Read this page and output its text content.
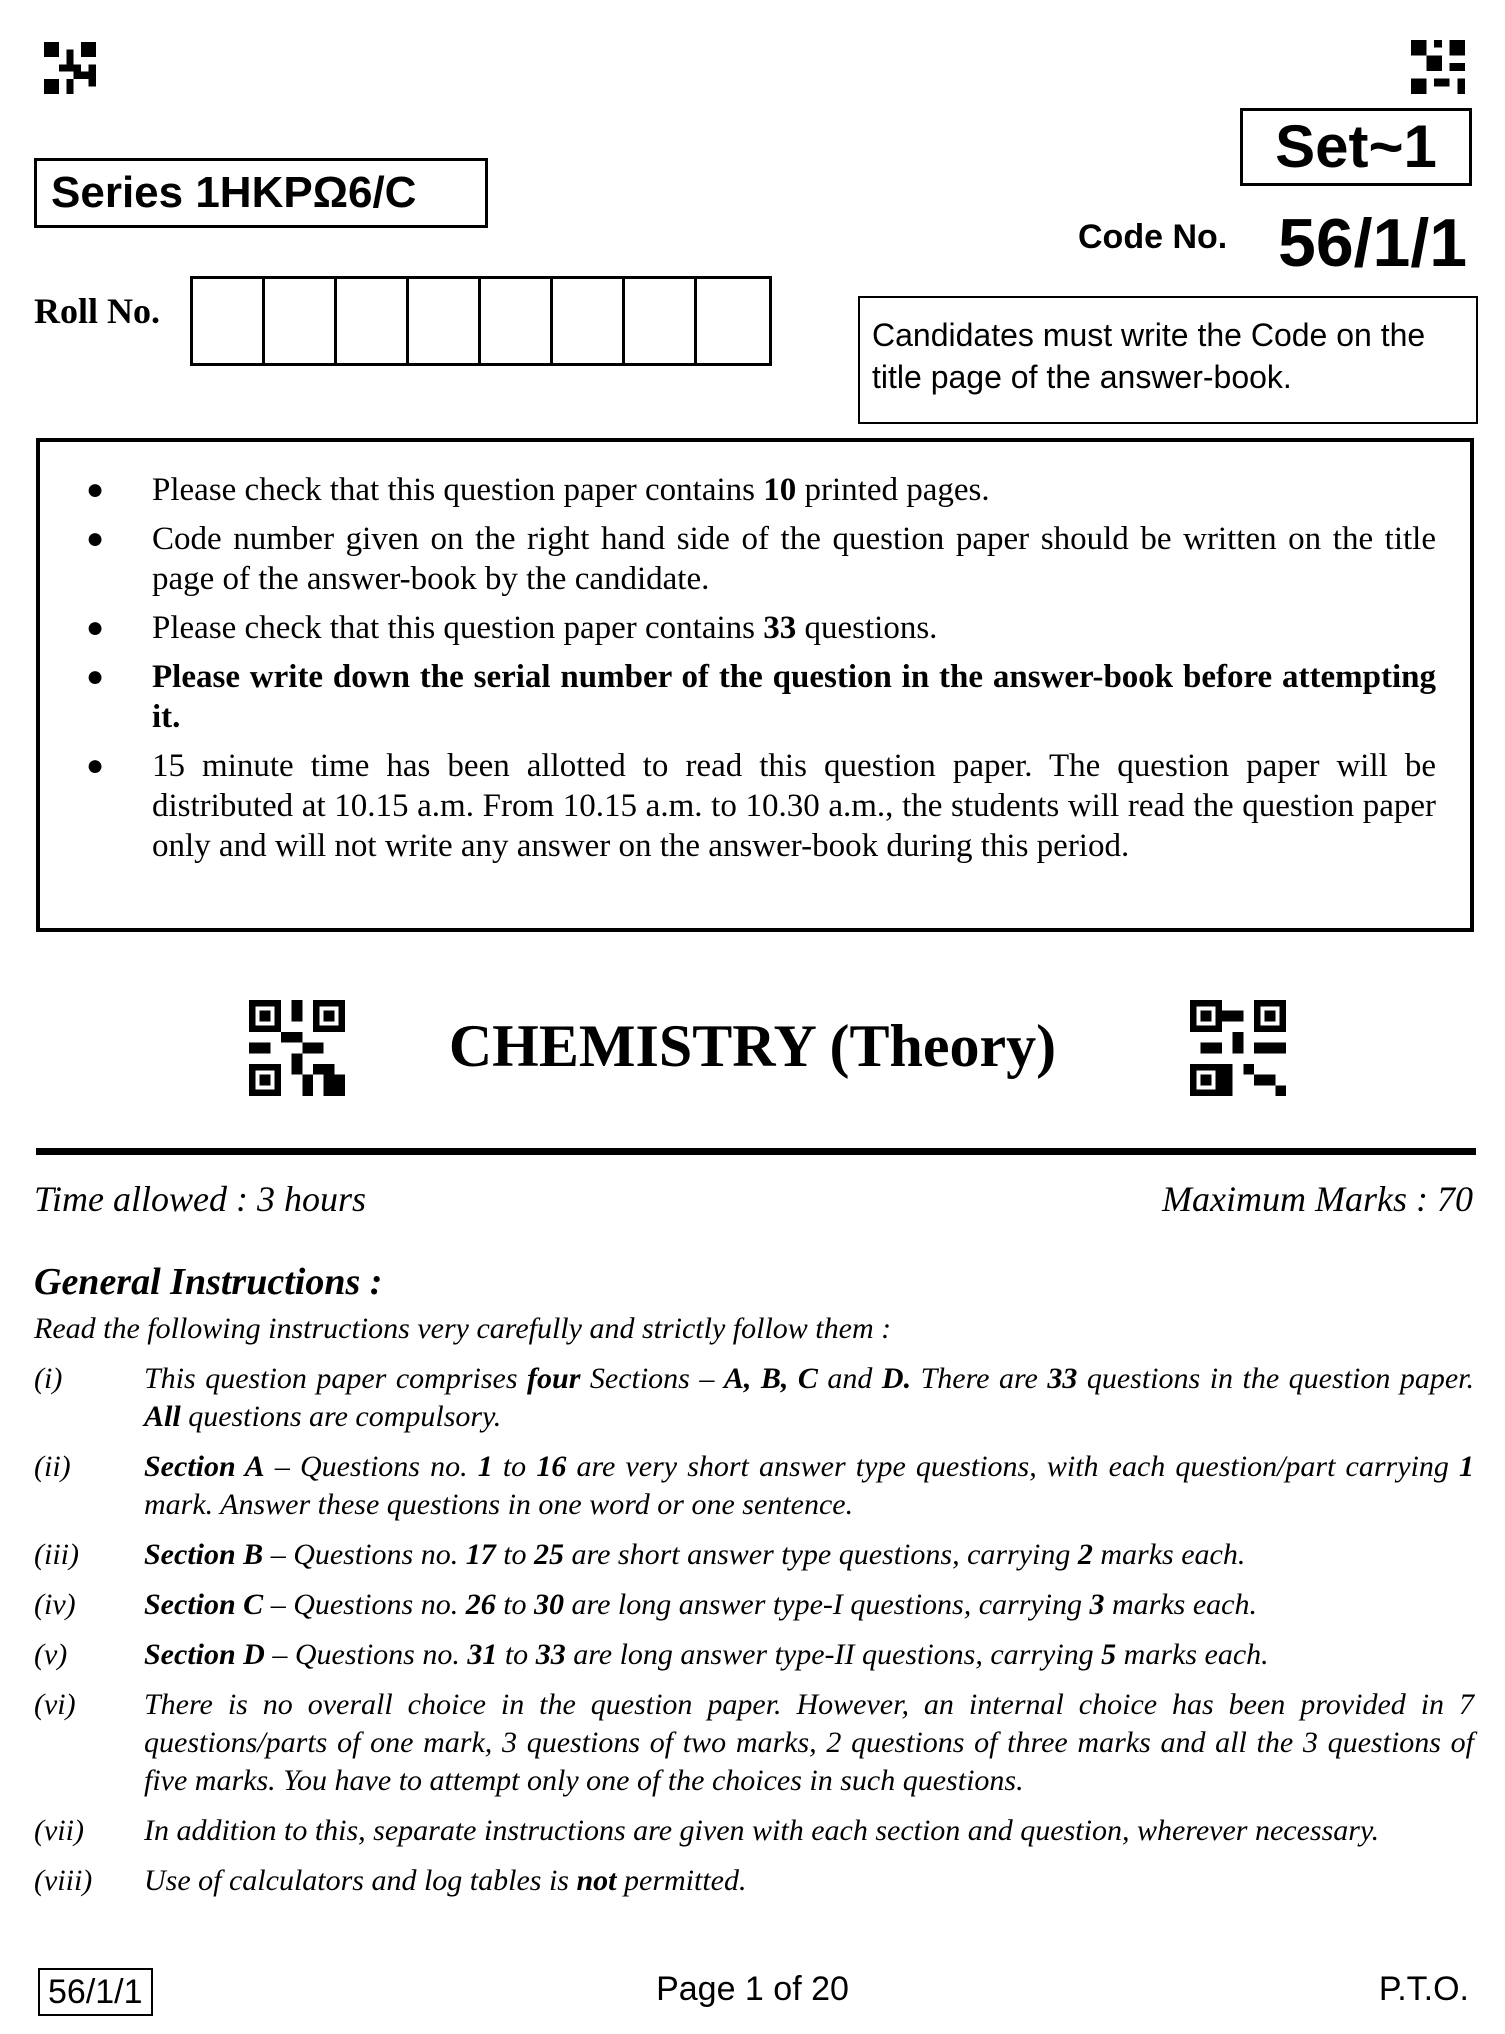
Set~1
Series 1HKPΩ6/C
Code No. 56/1/1
Candidates must write the Code on the title page of the answer-book.
Roll No.
● Please check that this question paper contains 10 printed pages.
● Code number given on the right hand side of the question paper should be written on the title page of the answer-book by the candidate.
● Please check that this question paper contains 33 questions.
● Please write down the serial number of the question in the answer-book before attempting it.
● 15 minute time has been allotted to read this question paper. The question paper will be distributed at 10.15 a.m. From 10.15 a.m. to 10.30 a.m., the students will read the question paper only and will not write any answer on the answer-book during this period.
CHEMISTRY (Theory)
Time allowed : 3 hours	Maximum Marks : 70
General Instructions :
Read the following instructions very carefully and strictly follow them :
(i)	This question paper comprises four Sections – A, B, C and D. There are 33 questions in the question paper. All questions are compulsory.
(ii) Section A – Questions no. 1 to 16 are very short answer type questions, with each question/part carrying 1 mark. Answer these questions in one word or one sentence.
(iii) Section B – Questions no. 17 to 25 are short answer type questions, carrying 2 marks each.
(iv) Section C – Questions no. 26 to 30 are long answer type-I questions, carrying 3 marks each.
(v)	Section D – Questions no. 31 to 33 are long answer type-II questions, carrying 5 marks each.
(vi) There is no overall choice in the question paper. However, an internal choice has been provided in 7 questions/parts of one mark, 3 questions of two marks, 2 questions of three marks and all the 3 questions of five marks. You have to attempt only one of the choices in such questions.
(vii) In addition to this, separate instructions are given with each section and question, wherever necessary.
(viii) Use of calculators and log tables is not permitted.
56/1/1	Page 1 of 20	P.T.O.
